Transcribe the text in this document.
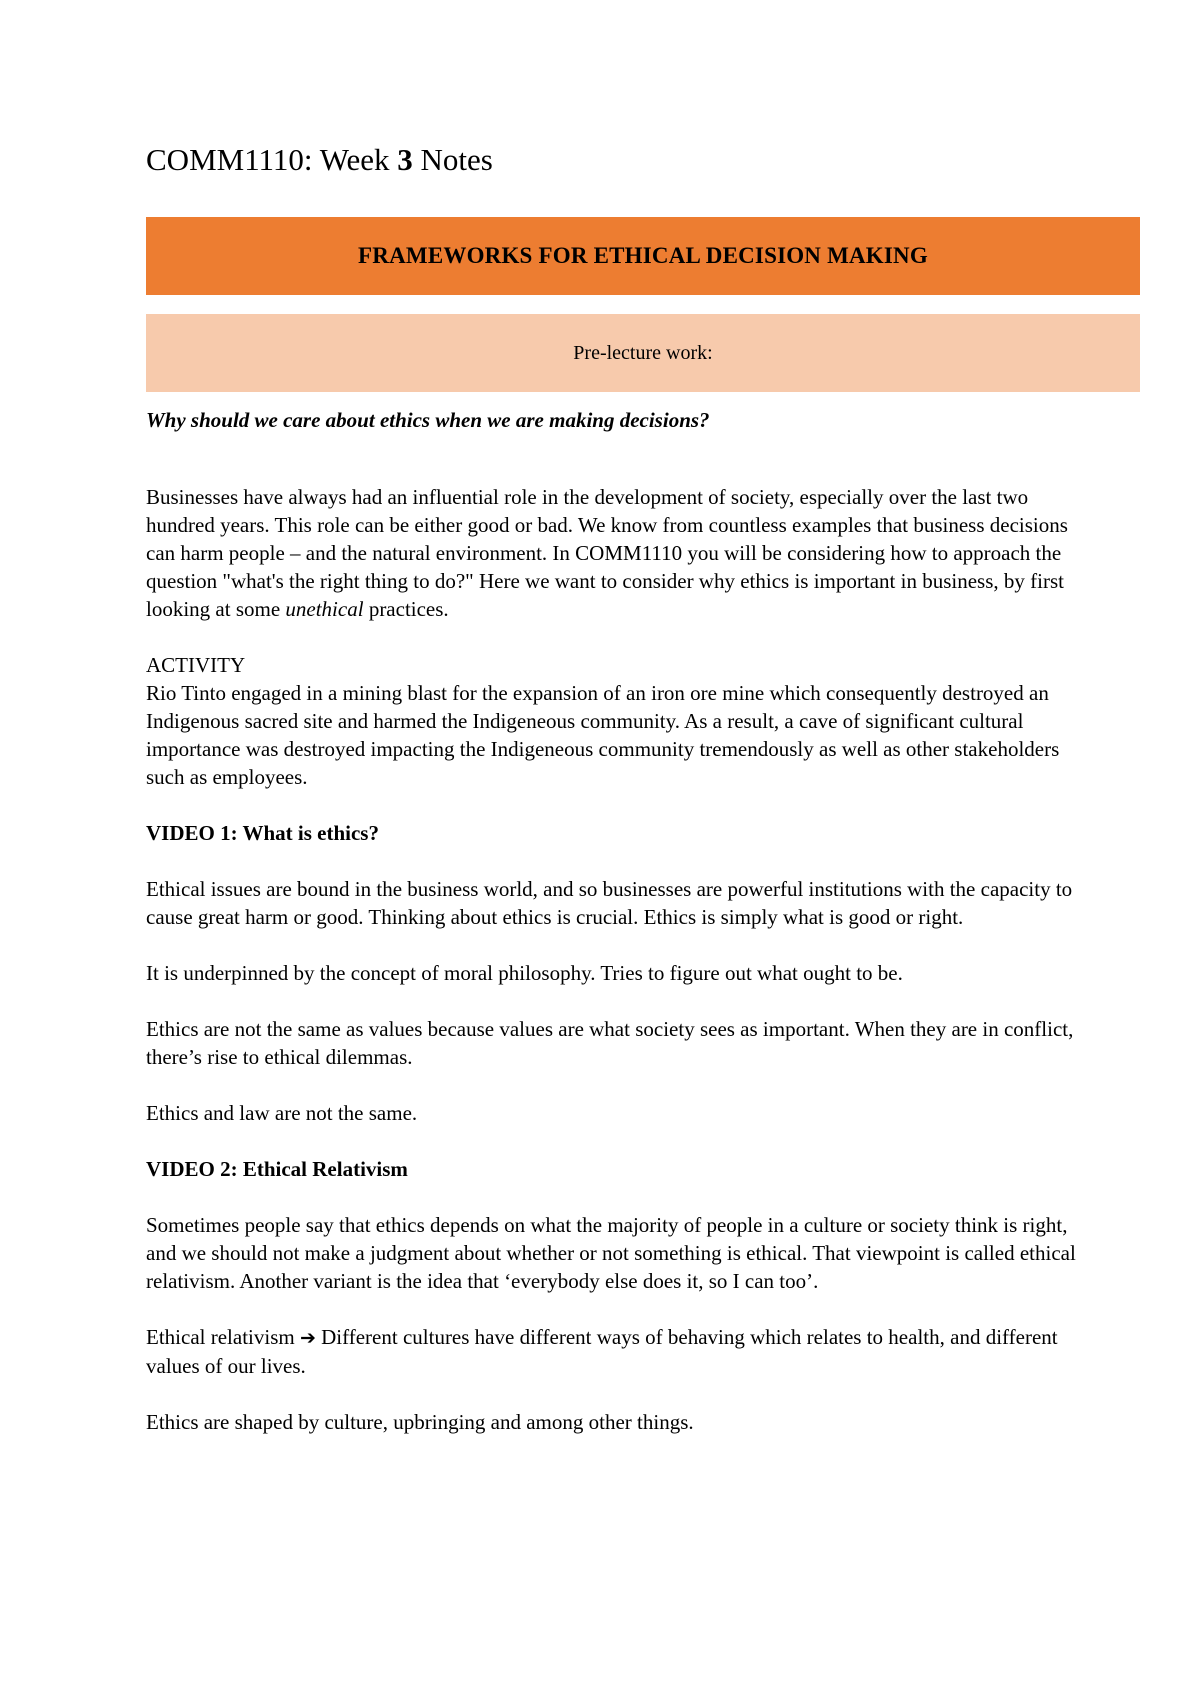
COMM1110: Week 3 Notes
FRAMEWORKS FOR ETHICAL DECISION MAKING
Pre-lecture work:

Why should we care about ethics when we are making decisions?

Businesses have always had an influential role in the development of society, especially over the last two hundred years. This role can be either good or bad. We know from countless examples that business decisions can harm people – and the natural environment. In COMM1110 you will be considering how to approach the question "what's the right thing to do?" Here we want to consider why ethics is important in business, by first looking at some unethical practices.

ACTIVITY

Rio Tinto engaged in a mining blast for the expansion of an iron ore mine which consequently destroyed an Indigenous sacred site and harmed the Indigeneous community. As a result, a cave of significant cultural importance was destroyed impacting the Indigeneous community tremendously as well as other stakeholders such as employees.

VIDEO 1: What is ethics?

Ethical issues are bound in the business world, and so businesses are powerful institutions with the capacity to cause great harm or good. Thinking about ethics is crucial. Ethics is simply what is good or right.

It is underpinned by the concept of moral philosophy. Tries to figure out what ought to be.

Ethics are not the same as values because values are what society sees as important. When they are in conflict, there’s rise to ethical dilemmas.

Ethics and law are not the same.

VIDEO 2: Ethical Relativism

Sometimes people say that ethics depends on what the majority of people in a culture or society think is right, and we should not make a judgment about whether or not something is ethical. That viewpoint is called ethical relativism. Another variant is the idea that ‘everybody else does it, so I can too’.

Ethical relativism ➔ Different cultures have different ways of behaving which relates to health, and different values of our lives.

Ethics are shaped by culture, upbringing and among other things.
